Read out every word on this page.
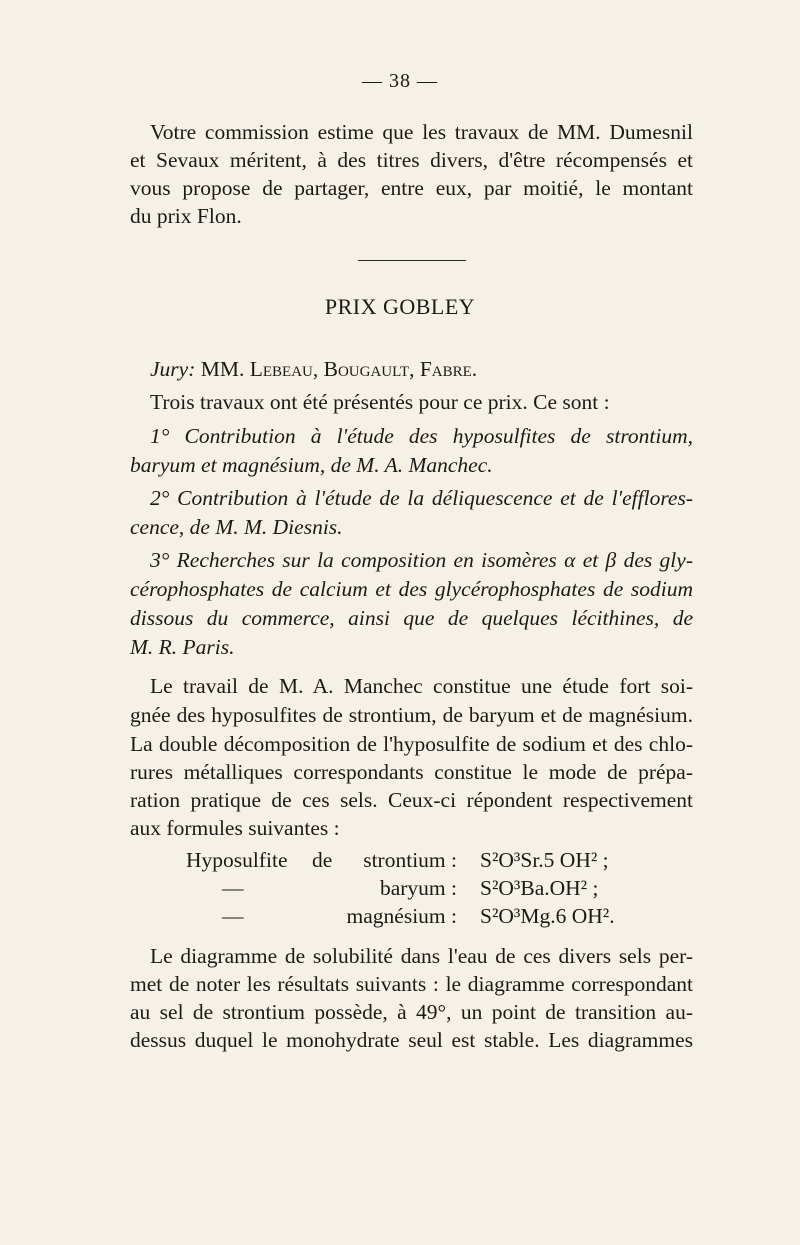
— 38 —
Votre commission estime que les travaux de MM. Dumesnil
et Sevaux méritent, à des titres divers, d'être récompensés et
vous propose de partager, entre eux, par moitié, le montant
du prix Flon.
Jury: MM. Lebeau, Bougault, Fabre.
Trois travaux ont été présentés pour ce prix. Ce sont :
1° Contribution à l'étude des hyposulfites de strontium,
baryum et magnésium, de M. A. Manchec.
2° Contribution à l'étude de la déliquescence et de l'efflores-
cence, de M. M. Diesnis.
3° Recherches sur la composition en isomères α et β des gly-
cérophosphates de calcium et des glycérophosphates de sodium
dissous du commerce, ainsi que de quelques lécithines, de
M. R. Paris.
Le travail de M. A. Manchec constitue une étude fort soi-
gnée des hyposulfites de strontium, de baryum et de magnésium.
La double décomposition de l'hyposulfite de sodium et des chlo-
rures métalliques correspondants constitue le mode de prépa-
ration pratique de ces sels. Ceux-ci répondent respectivement
aux formules suivantes :
Hyposulfite de strontium : S²O³Sr.5 OH² ;
—	baryum : S²O³Ba.OH² ;
—	magnésium : S²O³Mg.6 OH².
Le diagramme de solubilité dans l'eau de ces divers sels per-
met de noter les résultats suivants : le diagramme correspondant
au sel de strontium possède, à 49°, un point de transition au-
dessus duquel le monohydrate seul est stable. Les diagrammes
PRIX GOBLEY
